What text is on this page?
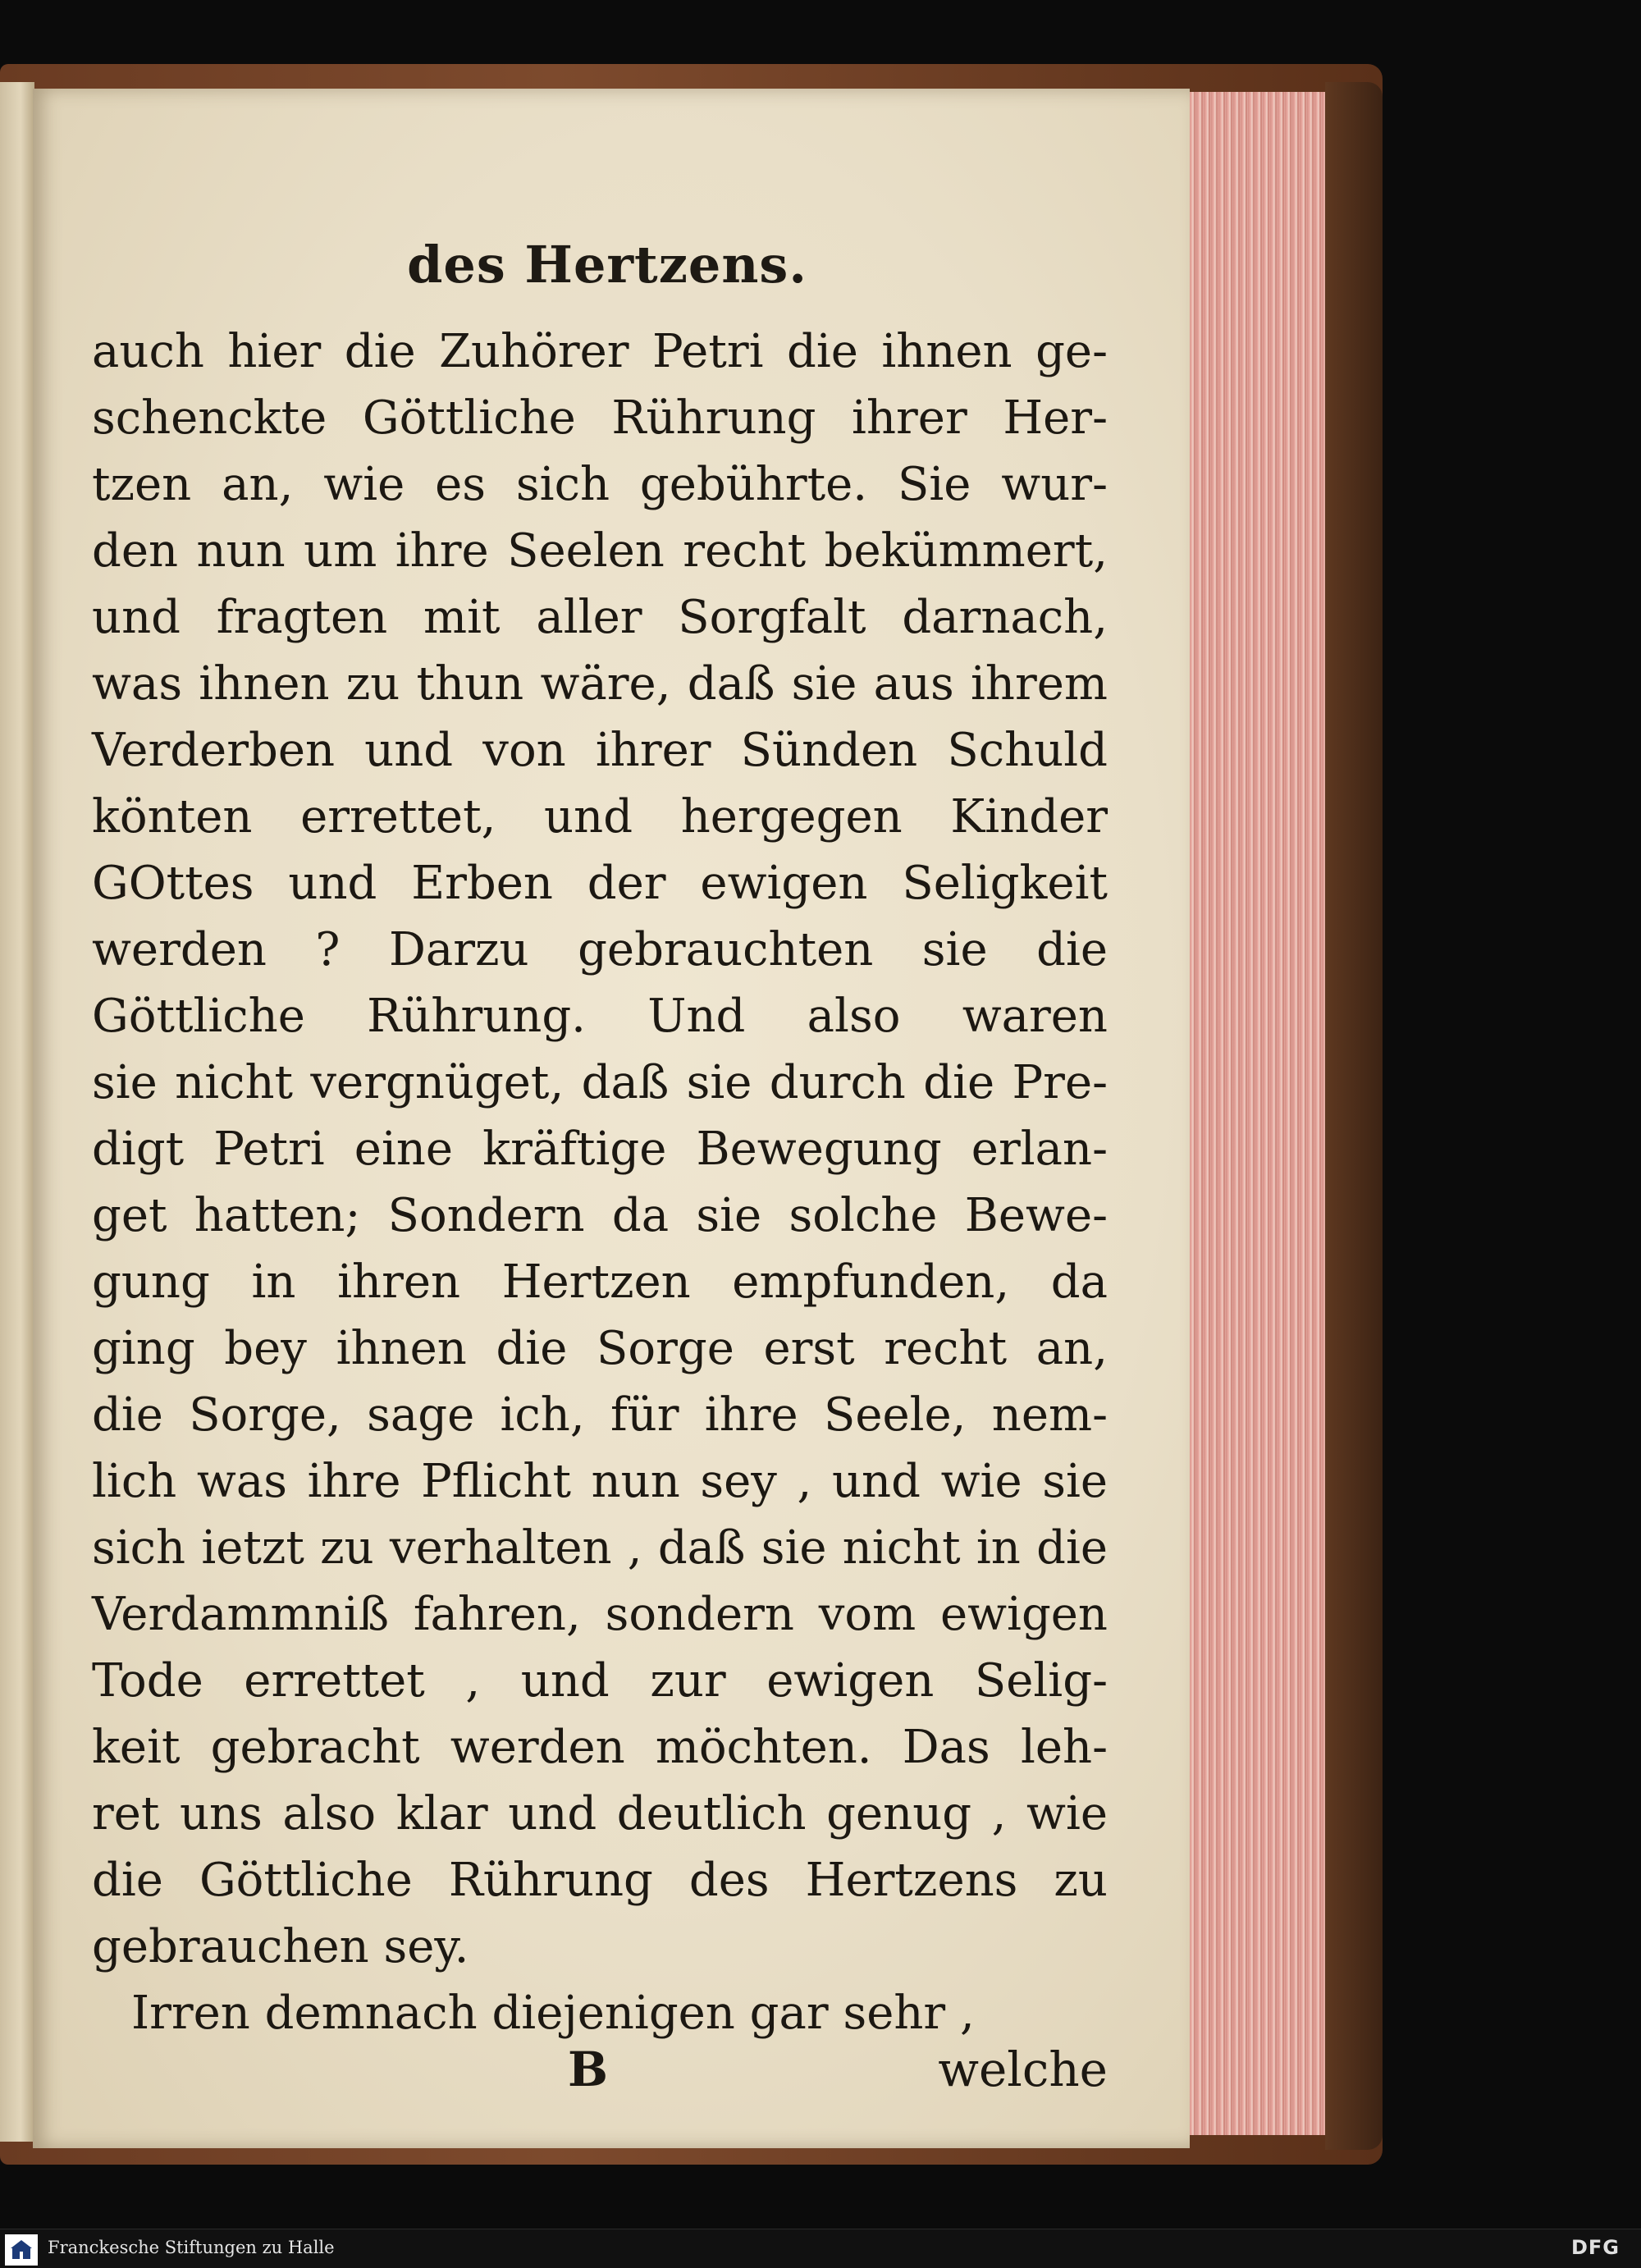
des Hertzens.
auch hier die Zuhörer Petri die ihnen ge-
schenckte Göttliche Rührung ihrer Her-
tzen an, wie es sich gebührte. Sie wur-
den nun um ihre Seelen recht bekümmert,
und fragten mit aller Sorgfalt darnach,
was ihnen zu thun wäre, daß sie aus ihrem
Verderben und von ihrer Sünden Schuld
könten errettet, und hergegen Kinder
GOttes und Erben der ewigen Seligkeit
werden ? Darzu gebrauchten sie die
Göttliche Rührung. Und also waren
sie nicht vergnüget, daß sie durch die Pre-
digt Petri eine kräftige Bewegung erlan-
get hatten; Sondern da sie solche Bewe-
gung in ihren Hertzen empfunden, da
ging bey ihnen die Sorge erst recht an,
die Sorge, sage ich, für ihre Seele, nem-
lich was ihre Pflicht nun sey , und wie sie
sich ietzt zu verhalten , daß sie nicht in die
Verdammniß fahren, sondern vom ewigen
Tode errettet , und zur ewigen Selig-
keit gebracht werden möchten. Das leh-
ret uns also klar und deutlich genug , wie
die Göttliche Rührung des Hertzens zu
gebrauchen sey.
Irren demnach diejenigen gar sehr ,
B	welche
Franckesche Stiftungen zu Halle	DFG
